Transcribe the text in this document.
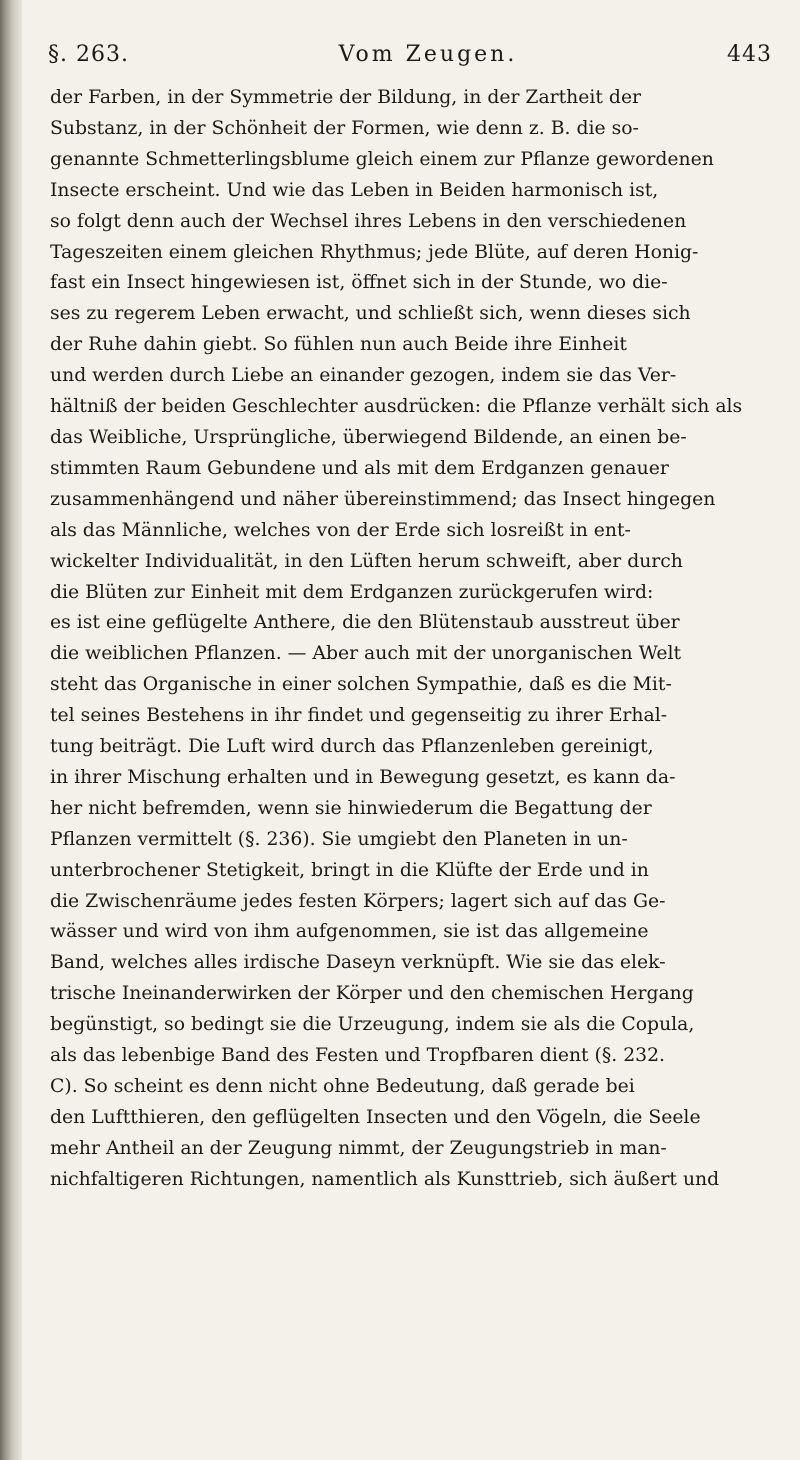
§. 263.	Vom Zeugen.	443
der Farben, in der Symmetrie der Bildung, in der Zartheit der
Substanz, in der Schönheit der Formen, wie denn z. B. die so-
genannte Schmetterlingsblume gleich einem zur Pflanze gewordenen
Insecte erscheint. Und wie das Leben in Beiden harmonisch ist,
so folgt denn auch der Wechsel ihres Lebens in den verschiedenen
Tageszeiten einem gleichen Rhythmus; jede Blüte, auf deren Honig-
fast ein Insect hingewiesen ist, öffnet sich in der Stunde, wo die-
ses zu regerem Leben erwacht, und schließt sich, wenn dieses sich
der Ruhe dahin giebt. So fühlen nun auch Beide ihre Einheit
und werden durch Liebe an einander gezogen, indem sie das Ver-
hältniß der beiden Geschlechter ausdrücken: die Pflanze verhält sich als
das Weibliche, Ursprüngliche, überwiegend Bildende, an einen be-
stimmten Raum Gebundene und als mit dem Erdganzen genauer
zusammenhängend und näher übereinstimmend; das Insect hingegen
als das Männliche, welches von der Erde sich losreißt in ent-
wickelter Individualität, in den Lüften herum schweift, aber durch
die Blüten zur Einheit mit dem Erdganzen zurückgerufen wird:
es ist eine geflügelte Anthere, die den Blütenstaub ausstreut über
die weiblichen Pflanzen. — Aber auch mit der unorganischen Welt
steht das Organische in einer solchen Sympathie, daß es die Mit-
tel seines Bestehens in ihr findet und gegenseitig zu ihrer Erhal-
tung beiträgt. Die Luft wird durch das Pflanzenleben gereinigt,
in ihrer Mischung erhalten und in Bewegung gesetzt, es kann da-
her nicht befremden, wenn sie hinwiederum die Begattung der
Pflanzen vermittelt (§. 236). Sie umgiebt den Planeten in un-
unterbrochener Stetigkeit, bringt in die Klüfte der Erde und in
die Zwischenräume jedes festen Körpers; lagert sich auf das Ge-
wässer und wird von ihm aufgenommen, sie ist das allgemeine
Band, welches alles irdische Daseyn verknüpft. Wie sie das elek-
trische Ineinanderwirken der Körper und den chemischen Hergang
begünstigt, so bedingt sie die Urzeugung, indem sie als die Copula,
als das lebenbige Band des Festen und Tropfbaren dient (§. 232.
C). So scheint es denn nicht ohne Bedeutung, daß gerade bei
den Luftthieren, den geflügelten Insecten und den Vögeln, die Seele
mehr Antheil an der Zeugung nimmt, der Zeugungstrieb in man-
nichfaltigeren Richtungen, namentlich als Kunsttrieb, sich äußert und
